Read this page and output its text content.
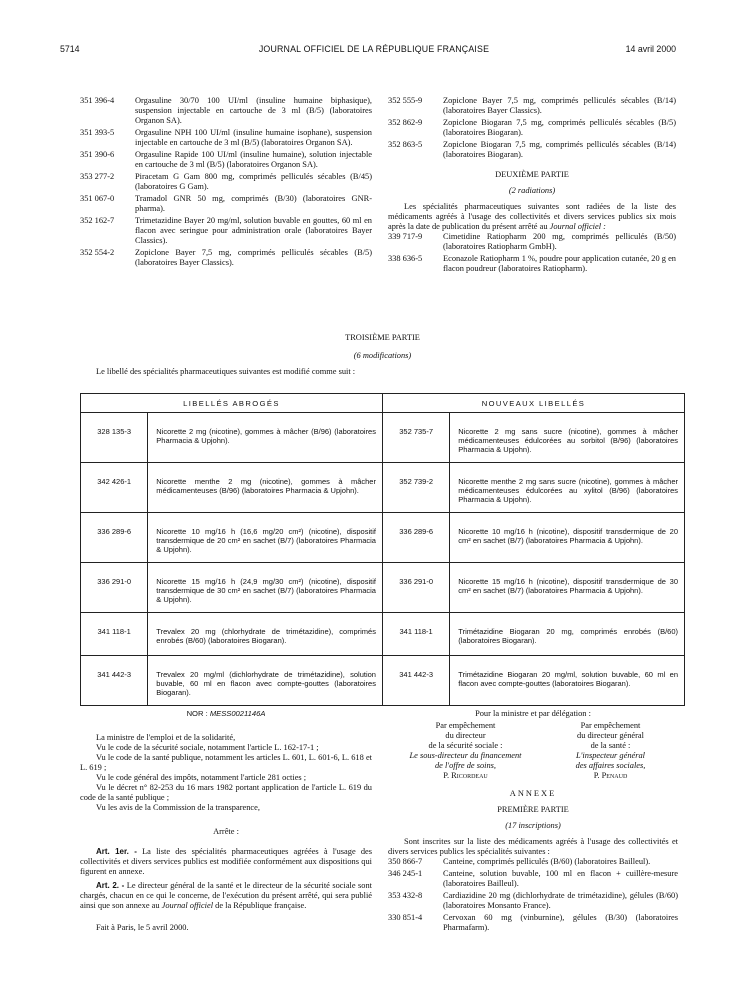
5714	JOURNAL OFFICIEL DE LA RÉPUBLIQUE FRANÇAISE	14 avril 2000
351 396-4	Orgasuline 30/70 100 UI/ml (insuline humaine biphasique), suspension injectable en cartouche de 3 ml (B/5) (laboratoires Organon SA).
351 393-5	Orgasuline NPH 100 UI/ml (insuline humaine isophane), suspension injectable en cartouche de 3 ml (B/5) (laboratoires Organon SA).
351 390-6	Orgasuline Rapide 100 UI/ml (insuline humaine), solution injectable en cartouche de 3 ml (B/5) (laboratoires Organon SA).
353 277-2	Piracetam G Gam 800 mg, comprimés pelliculés sécables (B/45) (laboratoires G Gam).
351 067-0	Tramadol GNR 50 mg, comprimés (B/30) (laboratoires GNR-pharma).
352 162-7	Trimetazidine Bayer 20 mg/ml, solution buvable en gouttes, 60 ml en flacon avec seringue pour administration orale (laboratoires Bayer Classics).
352 554-2	Zopiclone Bayer 7,5 mg, comprimés pelliculés sécables (B/5) (laboratoires Bayer Classics).
352 555-9	Zopiclone Bayer 7,5 mg, comprimés pelliculés sécables (B/14) (laboratoires Bayer Classics).
352 862-9	Zopiclone Biogaran 7,5 mg, comprimés pelliculés sécables (B/5) (laboratoires Biogaran).
352 863-5	Zopiclone Biogaran 7,5 mg, comprimés pelliculés sécables (B/14) (laboratoires Biogaran).

DEUXIÈME PARTIE

(2 radiations)

Les spécialités pharmaceutiques suivantes sont radiées de la liste des médicaments agréés à l'usage des collectivités et divers services publics six mois après la date de publication du présent arrêté au Journal officiel :

339 717-9	Cimetidine Ratiopharm 200 mg, comprimés pelliculés (B/50) (laboratoires Ratiopharm GmbH).
338 636-5	Econazole Ratiopharm 1 %, poudre pour application cutanée, 20 g en flacon poudreur (laboratoires Ratiopharm).

TROISIÈME PARTIE

(6 modifications)

Le libellé des spécialités pharmaceutiques suivantes est modifié comme suit :

LIBELLÉS ABROGÉS		NOUVEAUX LIBELLÉS	
328 135-3	Nicorette 2 mg (nicotine), gommes à mâcher (B/96) (laboratoires Pharmacia & Upjohn).	352 735-7	Nicorette 2 mg sans sucre (nicotine), gommes à mâcher médicamenteuses édulcorées au sorbitol (B/96) (laboratoires Pharmacia & Upjohn).
342 426-1	Nicorette menthe 2 mg (nicotine), gommes à mâcher médicamenteuses (B/96) (laboratoires Pharmacia & Upjohn).	352 739-2	Nicorette menthe 2 mg sans sucre (nicotine), gommes à mâcher médicamenteuses édulcorées au xylitol (B/96) (laboratoires Pharmacia & Upjohn).
336 289-6	Nicorette 10 mg/16 h (16,6 mg/20 cm²) (nicotine), dispositif transdermique de 20 cm² en sachet (B/7) (laboratoires Pharmacia & Upjohn).	336 289-6	Nicorette 10 mg/16 h (nicotine), dispositif transdermique de 20 cm² en sachet (B/7) (laboratoires Pharmacia & Upjohn).
336 291-0	Nicorette 15 mg/16 h (24,9 mg/30 cm²) (nicotine), dispositif transdermique de 30 cm² en sachet (B/7) (laboratoires Pharmacia & Upjohn).	336 291-0	Nicorette 15 mg/16 h (nicotine), dispositif transdermique de 30 cm² en sachet (B/7) (laboratoires Pharmacia & Upjohn).
341 118-1	Trevalex 20 mg (chlorhydrate de trimétazidine), comprimés enrobés (B/60) (laboratoires Biogaran).	341 118-1	Trimétazidine Biogaran 20 mg, comprimés enrobés (B/60) (laboratoires Biogaran).
341 442-3	Trevalex 20 mg/ml (dichlorhydrate de trimétazidine), solution buvable, 60 ml en flacon avec compte-gouttes (laboratoires Biogaran).	341 442-3	Trimétazidine Biogaran 20 mg/ml, solution buvable, 60 ml en flacon avec compte-gouttes (laboratoires Biogaran).

NOR : MESS0021146A

La ministre de l'emploi et de la solidarité,

Vu le code de la sécurité sociale, notamment l'article L. 162-17-1 ;

Vu le code de la santé publique, notamment les articles L. 601, L. 601-6, L. 618 et L. 619 ;

Vu le code général des impôts, notamment l'article 281 octies ;

Vu le décret n° 82-253 du 16 mars 1982 portant application de l'article L. 619 du code de la santé publique ;

Vu les avis de la Commission de la transparence,

Arrête :

Art. 1er. - La liste des spécialités pharmaceutiques agréées à l'usage des collectivités et divers services publics est modifiée conformément aux dispositions qui figurent en annexe.

Art. 2. - Le directeur général de la santé et le directeur de la sécurité sociale sont chargés, chacun en ce qui le concerne, de l'exécution du présent arrêté, qui sera publié ainsi que son annexe au Journal officiel de la République française.

Fait à Paris, le 5 avril 2000.

Pour la ministre et par délégation :

Par empêchement

du directeur

de la sécurité sociale :

Le sous-directeur du financement

de l'offre de soins,

P. Ricordeau

Par empêchement

du directeur général

de la santé :

L'inspecteur général

des affaires sociales,

P. Penaud

ANNEXE

PREMIÈRE PARTIE

(17 inscriptions)

Sont inscrites sur la liste des médicaments agréés à l'usage des collectivités et divers services publics les spécialités suivantes :

350 866-7	Canteine, comprimés pelliculés (B/60) (laboratoires Bailleul).
346 245-1	Canteine, solution buvable, 100 ml en flacon + cuillère-mesure (laboratoires Bailleul).
353 432-8	Cardiazidine 20 mg (dichlorhydrate de trimétazidine), gélules (B/60) (laboratoires Monsanto France).
330 851-4	Cervoxan 60 mg (vinburnine), gélules (B/30) (laboratoires Pharmafarm).
